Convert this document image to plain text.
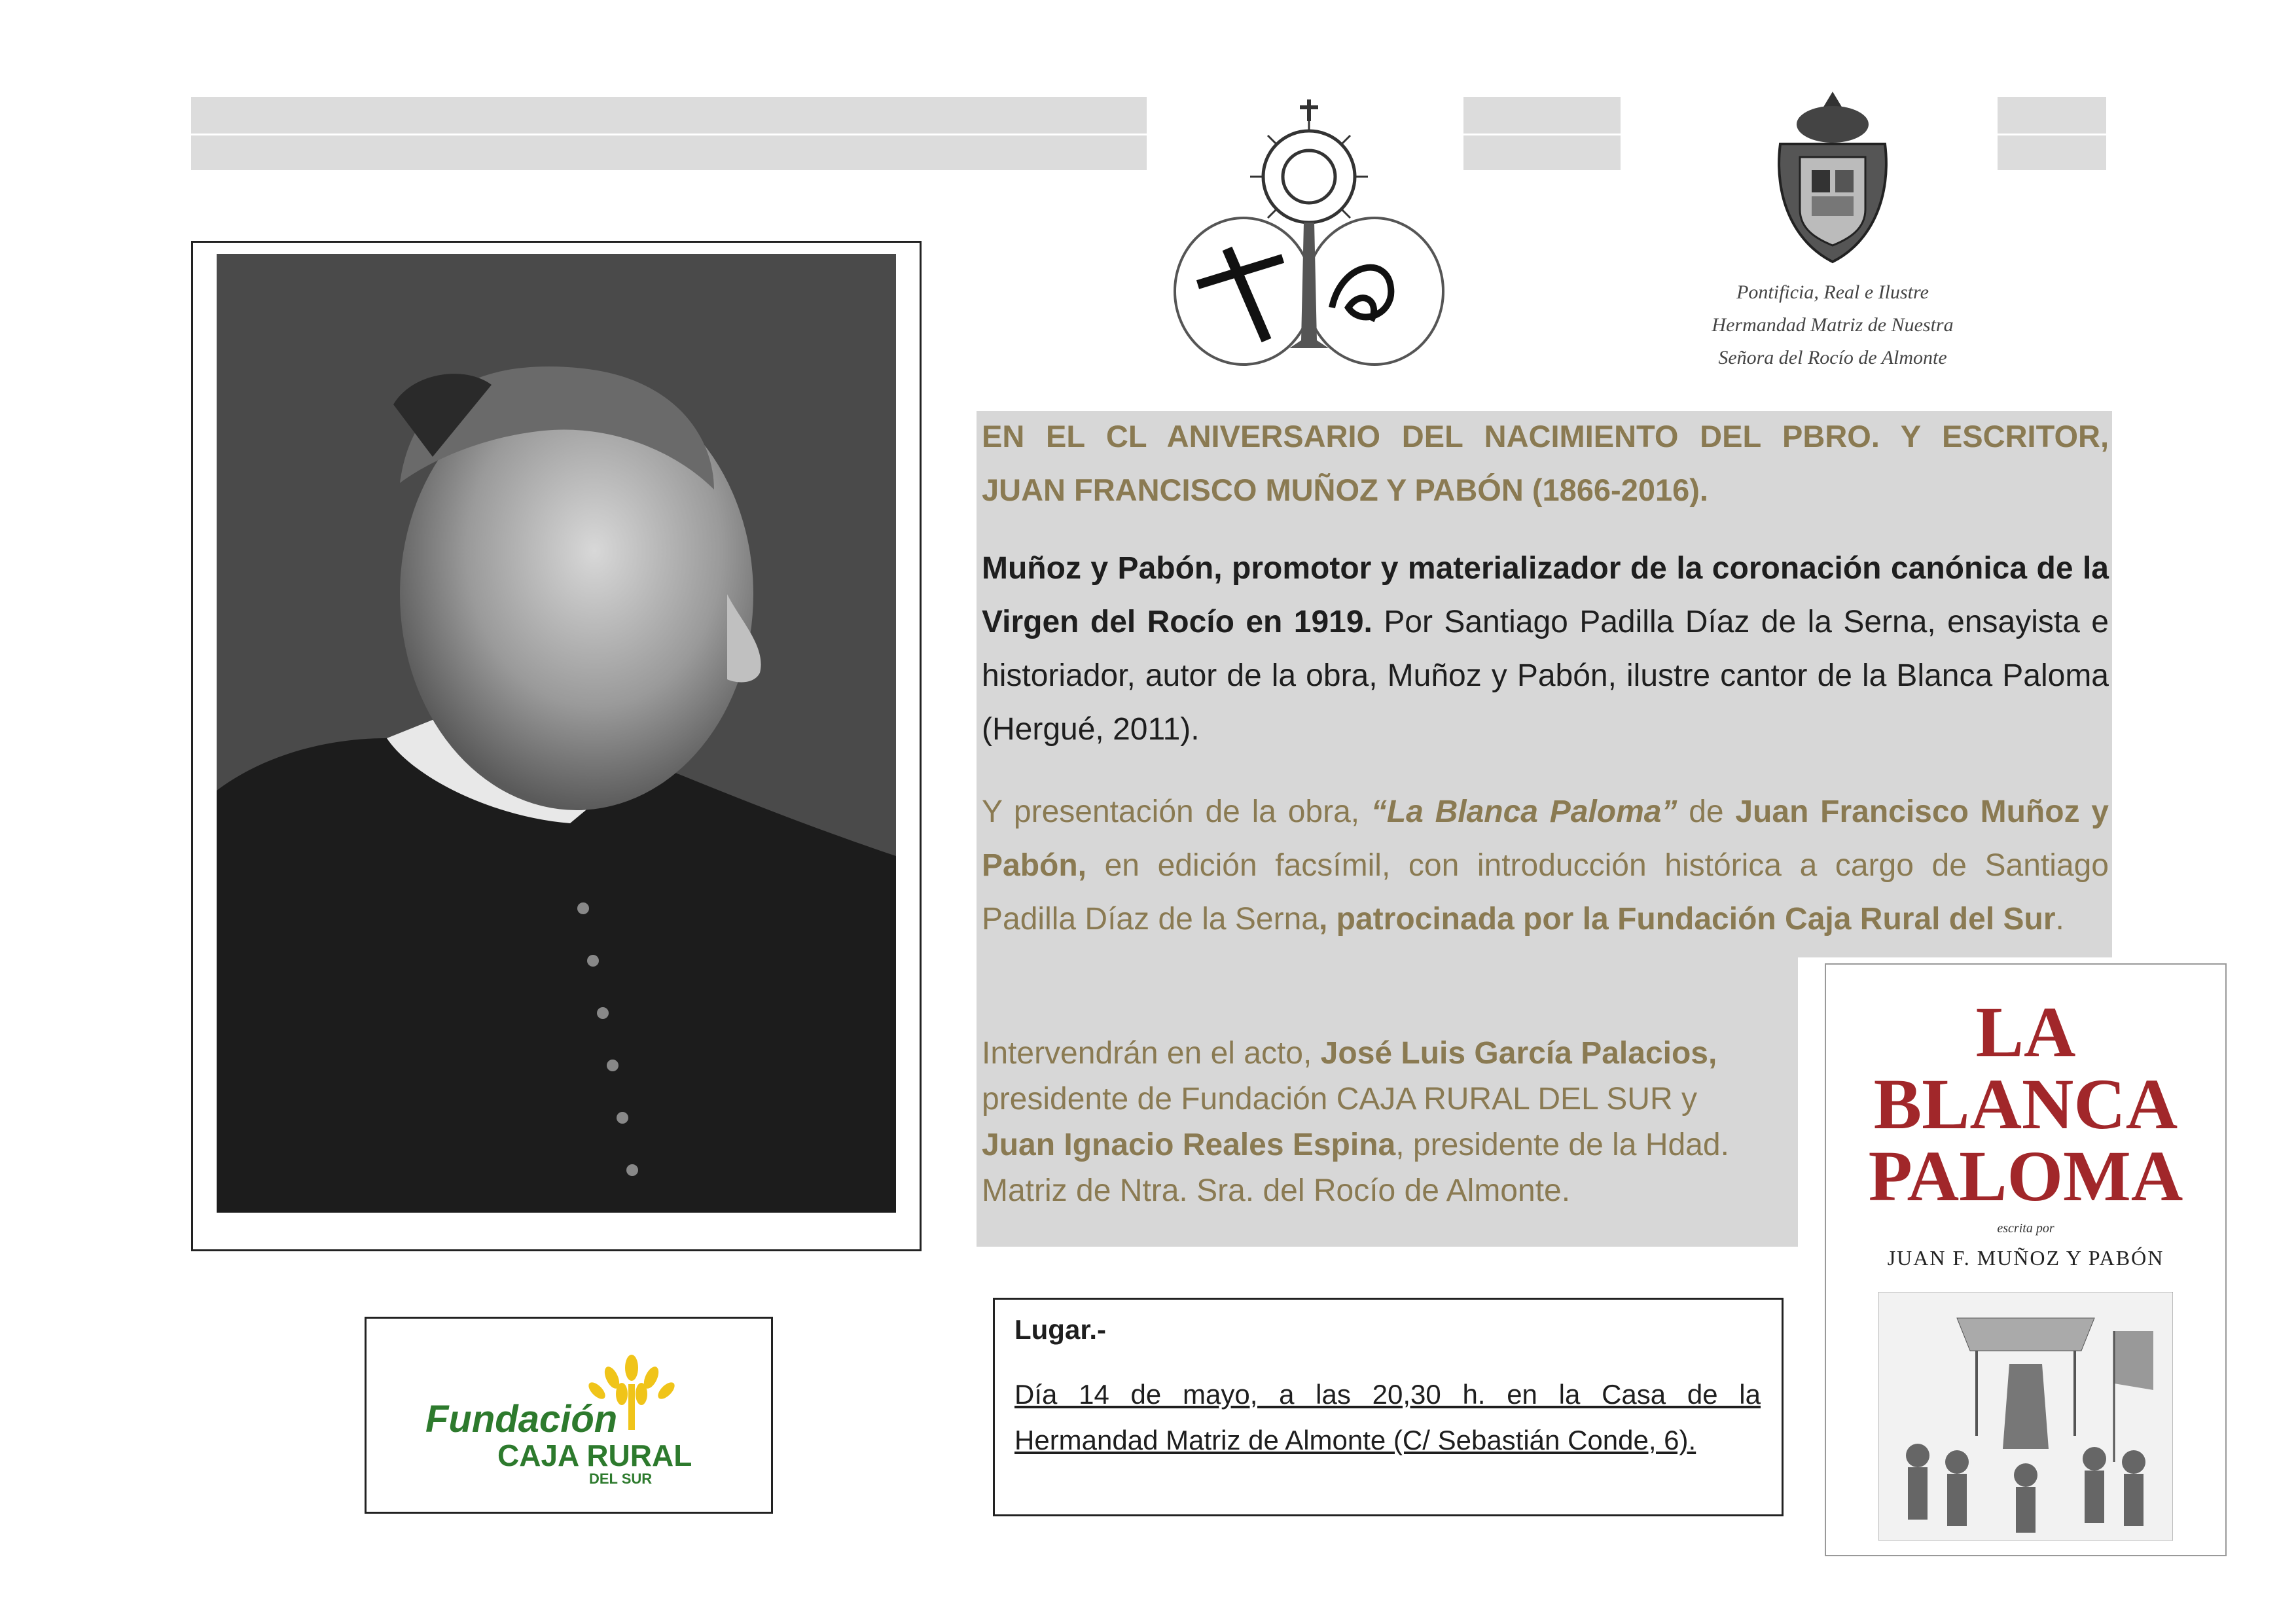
Pontificia, Real e Ilustre
Hermandad Matriz de Nuestra
Señora del Rocío de Almonte
EN EL CL ANIVERSARIO DEL NACIMIENTO DEL PBRO. Y ESCRITOR,
JUAN FRANCISCO MUÑOZ Y PABÓN (1866-2016).
Muñoz y Pabón, promotor y materializador de la coronación canónica de la Virgen del Rocío en 1919. Por Santiago Padilla Díaz de la Serna, ensayista e historiador, autor de la obra, Muñoz y Pabón, ilustre cantor de la Blanca Paloma (Hergué, 2011).
Y presentación de la obra, “La Blanca Paloma” de Juan Francisco Muñoz y Pabón, en edición facsímil, con introducción histórica a cargo de Santiago Padilla Díaz de la Serna, patrocinada por la Fundación Caja Rural del Sur.
Intervendrán en el acto, José Luis García Palacios,
presidente de Fundación CAJA RURAL DEL SUR y
Juan Ignacio Reales Espina, presidente de la Hdad.
Matriz de Ntra. Sra. del Rocío de Almonte.
LA
BLANCA
PALOMA
escrita por
JUAN F. MUÑOZ Y PABÓN
Lugar.-
Día 14 de mayo, a las 20,30 h. en la Casa de la
Hermandad Matriz de Almonte (C/ Sebastián Conde, 6).
Fundación
CAJA RURAL
DEL SUR
